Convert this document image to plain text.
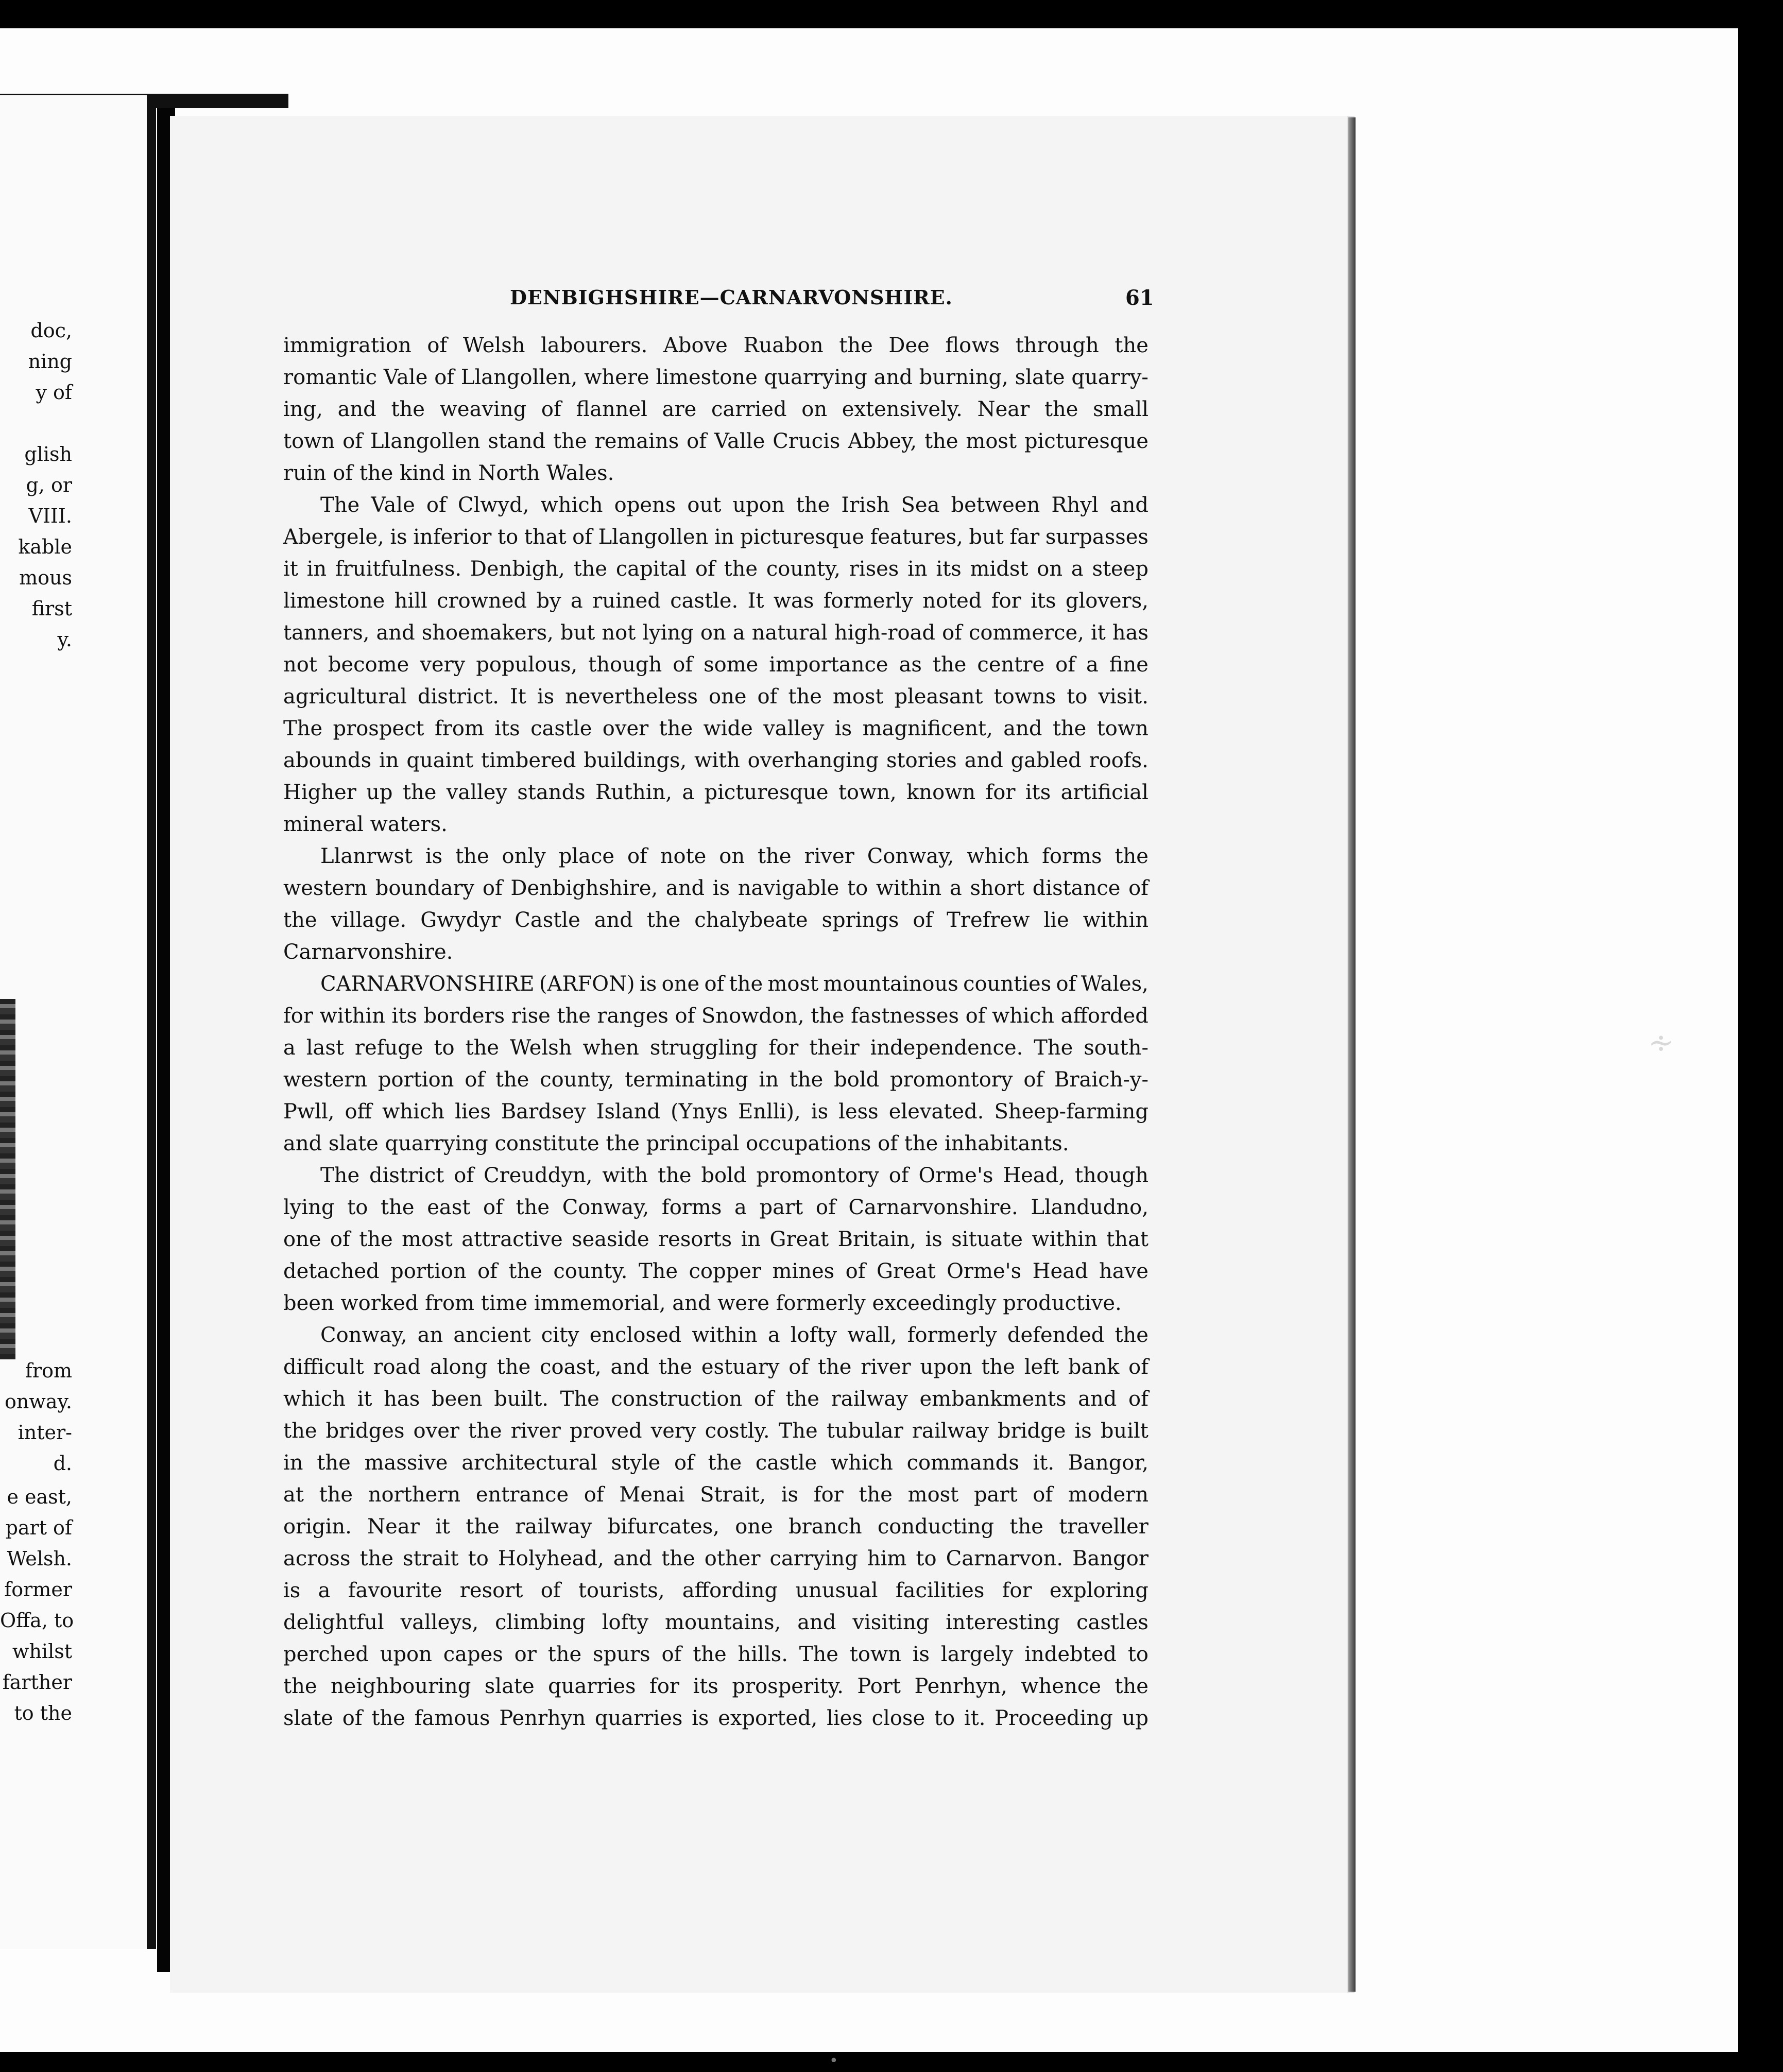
doc,
ning
y of
glish
g, or
VIII.
kable
mous
first
y.
from
onway.
inter-
d.
e east,
part of
Welsh.
former
Offa, to
whilst
farther
to the
DENBIGHSHIRE—CARNARVONSHIRE.	61
immigration of Welsh labourers. Above Ruabon the Dee flows through the
romantic Vale of Llangollen, where limestone quarrying and burning, slate quarry-
ing, and the weaving of flannel are carried on extensively. Near the small
town of Llangollen stand the remains of Valle Crucis Abbey, the most picturesque
ruin of the kind in North Wales.
The Vale of Clwyd, which opens out upon the Irish Sea between Rhyl and
Abergele, is inferior to that of Llangollen in picturesque features, but far surpasses
it in fruitfulness. Denbigh, the capital of the county, rises in its midst on a steep
limestone hill crowned by a ruined castle. It was formerly noted for its glovers,
tanners, and shoemakers, but not lying on a natural high-road of commerce, it has
not become very populous, though of some importance as the centre of a fine
agricultural district. It is nevertheless one of the most pleasant towns to visit.
The prospect from its castle over the wide valley is magnificent, and the town
abounds in quaint timbered buildings, with overhanging stories and gabled roofs.
Higher up the valley stands Ruthin, a picturesque town, known for its artificial
mineral waters.
Llanrwst is the only place of note on the river Conway, which forms the
western boundary of Denbighshire, and is navigable to within a short distance of
the village. Gwydyr Castle and the chalybeate springs of Trefrew lie within
Carnarvonshire.
CARNARVONSHIRE (ARFON) is one of the most mountainous counties of Wales,
for within its borders rise the ranges of Snowdon, the fastnesses of which afforded
a last refuge to the Welsh when struggling for their independence. The south-
western portion of the county, terminating in the bold promontory of Braich-y-
Pwll, off which lies Bardsey Island (Ynys Enlli), is less elevated. Sheep-farming
and slate quarrying constitute the principal occupations of the inhabitants.
The district of Creuddyn, with the bold promontory of Orme's Head, though
lying to the east of the Conway, forms a part of Carnarvonshire. Llandudno,
one of the most attractive seaside resorts in Great Britain, is situate within that
detached portion of the county. The copper mines of Great Orme's Head have
been worked from time immemorial, and were formerly exceedingly productive.
Conway, an ancient city enclosed within a lofty wall, formerly defended the
difficult road along the coast, and the estuary of the river upon the left bank of
which it has been built. The construction of the railway embankments and of
the bridges over the river proved very costly. The tubular railway bridge is built
in the massive architectural style of the castle which commands it. Bangor,
at the northern entrance of Menai Strait, is for the most part of modern
origin. Near it the railway bifurcates, one branch conducting the traveller
across the strait to Holyhead, and the other carrying him to Carnarvon. Bangor
is a favourite resort of tourists, affording unusual facilities for exploring
delightful valleys, climbing lofty mountains, and visiting interesting castles
perched upon capes or the spurs of the hills. The town is largely indebted to
the neighbouring slate quarries for its prosperity. Port Penrhyn, whence the
slate of the famous Penrhyn quarries is exported, lies close to it. Proceeding up
∻
•
